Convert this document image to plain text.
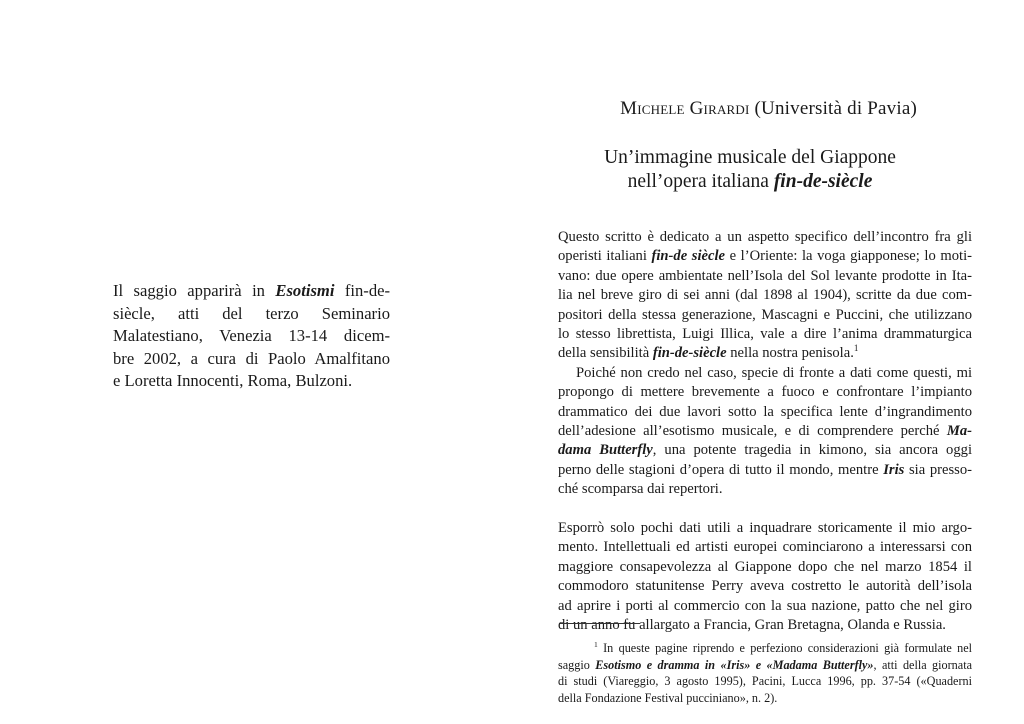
Il saggio apparirà in Esotismi fin-de-
siècle, atti del terzo Seminario
Malatestiano, Venezia 13-14 dicem-
bre 2002, a cura di Paolo Amalfitano
e Loretta Innocenti, Roma, Bulzoni.
Michele Girardi (Università di Pavia)
Un’immagine musicale del Giappone
nell’opera italiana fin-de-siècle
Questo scritto è dedicato a un aspetto specifico dell’incontro fra gli
operisti italiani fin-de siècle e l’Oriente: la voga giapponese; lo moti-
vano: due opere ambientate nell’Isola del Sol levante prodotte in Ita-
lia nel breve giro di sei anni (dal 1898 al 1904), scritte da due com-
positori della stessa generazione, Mascagni e Puccini, che utilizzano
lo stesso librettista, Luigi Illica, vale a dire l’anima drammaturgica
della sensibilità fin-de-siècle nella nostra penisola.$^1$
Poiché non credo nel caso, specie di fronte a dati come questi, mi
propongo di mettere brevemente a fuoco e confrontare l’impianto
drammatico dei due lavori sotto la specifica lente d’ingrandimento
dell’adesione all’esotismo musicale, e di comprendere perché Ma-
dama Butterfly, una potente tragedia in kimono, sia ancora oggi
perno delle stagioni d’opera di tutto il mondo, mentre Iris sia presso-
ché scomparsa dai repertori.
Esporrò solo pochi dati utili a inquadrare storicamente il mio argo-
mento. Intellettuali ed artisti europei cominciarono a interessarsi con
maggiore consapevolezza al Giappone dopo che nel marzo 1854 il
commodoro statunitense Perry aveva costretto le autorità dell’isola
ad aprire i porti al commercio con la sua nazione, patto che nel giro
di un anno fu allargato a Francia, Gran Bretagna, Olanda e Russia.
$^1$ In queste pagine riprendo e perfeziono considerazioni già formulate nel
saggio Esotismo e dramma in «Iris» e «Madama Butterfly», atti della giornata
di studi (Viareggio, 3 agosto 1995), Pacini, Lucca 1996, pp. 37-54 («Quaderni
della Fondazione Festival pucciniano», n. 2).
